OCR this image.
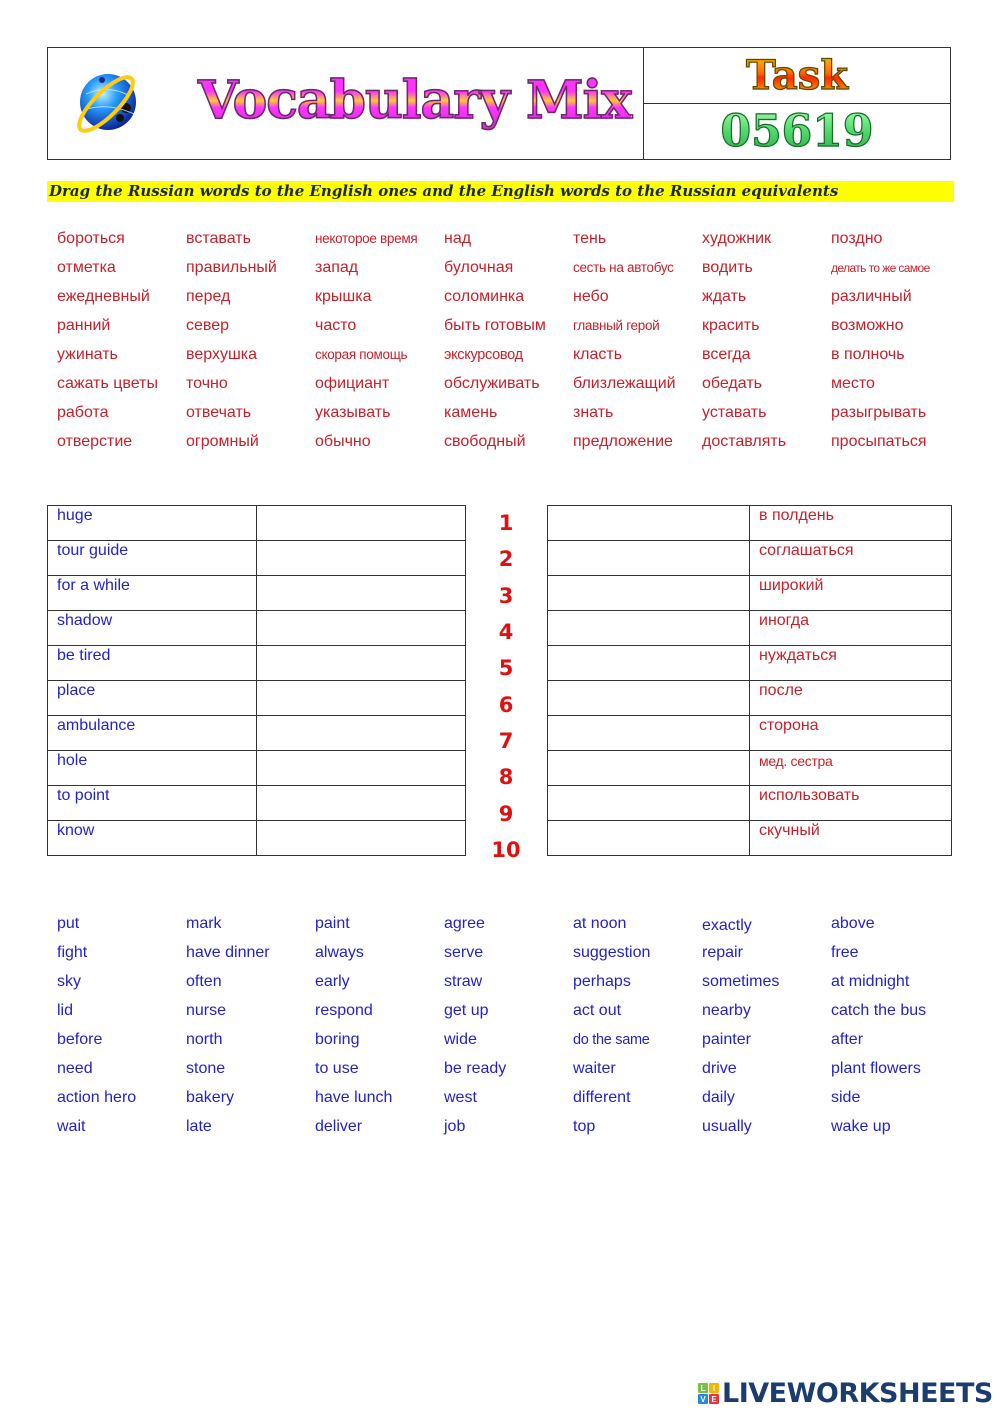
Vocabulary Mix	Task
05619
Drag the Russian words to the English ones and the English words to the Russian equivalents
бороться	вставать	некоторое время	над	тень	художник	поздно
отметка	правильный	запад	булочная	сесть на автобус	водить	делать то же самое
ежедневный	перед	крышка	соломинка	небо	ждать	различный
ранний	север	часто	быть готовым	главный герой	красить	возможно
ужинать	верхушка	скорая помощь	экскурсовод	класть	всегда	в полночь
сажать цветы	точно	официант	обслуживать	близлежащий	обедать	место
работа	отвечать	указывать	камень	знать	уставать	разыгрывать
отверстие	огромный	обычно	свободный	предложение	доставлять	просыпаться
huge	
tour guide	
for a while	
shadow	
be tired	
place	
ambulance	
hole	
to point	
know	
1
2
3
4
5
6
7
8
9
10
	в полдень
	соглашаться
	широкий
	иногда
	нуждаться
	после
	сторона
	мед. сестра
	использовать
	скучный
put	mark	paint	agree	at noon	exactly	above
fight	have dinner	always	serve	suggestion	repair	free
sky	often	early	straw	perhaps	sometimes	at midnight
lid	nurse	respond	get up	act out	nearby	catch the bus
before	north	boring	wide	do the same	painter	after
need	stone	to use	be ready	waiter	drive	plant flowers
action hero	bakery	have lunch	west	different	daily	side
wait	late	deliver	job	top	usually	wake up
L I
V E LIVEWORKSHEETS
